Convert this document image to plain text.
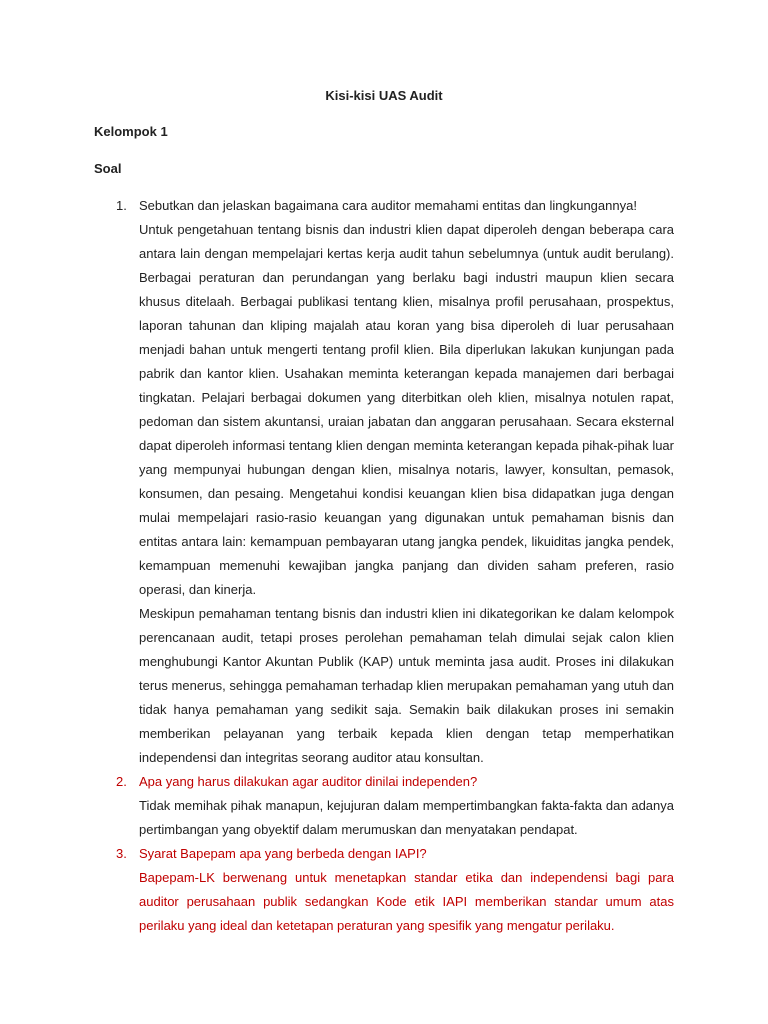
Kisi-kisi UAS Audit
Kelompok 1
Soal
1. Sebutkan dan jelaskan bagaimana cara auditor memahami entitas dan lingkungannya!

Untuk pengetahuan tentang bisnis dan industri klien dapat diperoleh dengan beberapa cara antara lain dengan mempelajari kertas kerja audit tahun sebelumnya (untuk audit berulang). Berbagai peraturan dan perundangan yang berlaku bagi industri maupun klien secara khusus ditelaah. Berbagai publikasi tentang klien, misalnya profil perusahaan, prospektus, laporan tahunan dan kliping majalah atau koran yang bisa diperoleh di luar perusahaan menjadi bahan untuk mengerti tentang profil klien. Bila diperlukan lakukan kunjungan pada pabrik dan kantor klien. Usahakan meminta keterangan kepada manajemen dari berbagai tingkatan. Pelajari berbagai dokumen yang diterbitkan oleh klien, misalnya notulen rapat, pedoman dan sistem akuntansi, uraian jabatan dan anggaran perusahaan. Secara eksternal dapat diperoleh informasi tentang klien dengan meminta keterangan kepada pihak-pihak luar yang mempunyai hubungan dengan klien, misalnya notaris, lawyer, konsultan, pemasok, konsumen, dan pesaing. Mengetahui kondisi keuangan klien bisa didapatkan juga dengan mulai mempelajari rasio-rasio keuangan yang digunakan untuk pemahaman bisnis dan entitas antara lain: kemampuan pembayaran utang jangka pendek, likuiditas jangka pendek, kemampuan memenuhi kewajiban jangka panjang dan dividen saham preferen, rasio operasi, dan kinerja.

Meskipun pemahaman tentang bisnis dan industri klien ini dikategorikan ke dalam kelompok perencanaan audit, tetapi proses perolehan pemahaman telah dimulai sejak calon klien menghubungi Kantor Akuntan Publik (KAP) untuk meminta jasa audit. Proses ini dilakukan terus menerus, sehingga pemahaman terhadap klien merupakan pemahaman yang utuh dan tidak hanya pemahaman yang sedikit saja. Semakin baik dilakukan proses ini semakin memberikan pelayanan yang terbaik kepada klien dengan tetap memperhatikan independensi dan integritas seorang auditor atau konsultan.

2. Apa yang harus dilakukan agar auditor dinilai independen?

Tidak memihak pihak manapun, kejujuran dalam mempertimbangkan fakta-fakta dan adanya pertimbangan yang obyektif dalam merumuskan dan menyatakan pendapat.

3. Syarat Bapepam apa yang berbeda dengan IAPI?

Bapepam-LK berwenang untuk menetapkan standar etika dan independensi bagi para auditor perusahaan publik sedangkan Kode etik IAPI memberikan standar umum atas perilaku yang ideal dan ketetapan peraturan yang spesifik yang mengatur perilaku.
